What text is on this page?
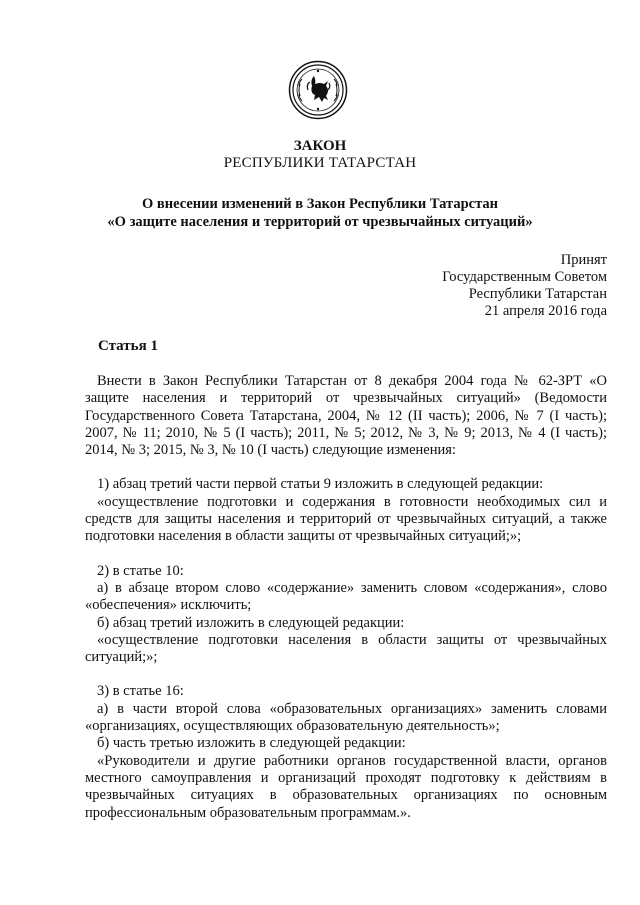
ЗАКОН
РЕСПУБЛИКИ ТАТАРСТАН
О внесении изменений в Закон Республики Татарстан
«О защите населения и территорий от чрезвычайных ситуаций»
Принят
Государственным Советом
Республики Татарстан
21 апреля 2016 года
Статья 1

Внести в Закон Республики Татарстан от 8 декабря 2004 года № 62-ЗРТ «О защите населения и территорий от чрезвычайных ситуаций» (Ведомости Государственного Совета Татарстана, 2004, № 12 (II часть); 2006, № 7 (I часть); 2007, № 11; 2010, № 5 (I часть); 2011, № 5; 2012, № 3, № 9; 2013, № 4 (I часть); 2014, № 3; 2015, № 3, № 10 (I часть) следующие изменения:

1) абзац третий части первой статьи 9 изложить в следующей редакции:

«осуществление подготовки и содержания в готовности необходимых сил и средств для защиты населения и территорий от чрезвычайных ситуаций, а также подготовки населения в области защиты от чрезвычайных ситуаций;»;

2) в статье 10:

а) в абзаце втором слово «содержание» заменить словом «содержания», слово «обеспечения» исключить;

б) абзац третий изложить в следующей редакции:

«осуществление подготовки населения в области защиты от чрезвычайных ситуаций;»;

3) в статье 16:

а) в части второй слова «образовательных организациях» заменить словами «организациях, осуществляющих образовательную деятельность»;

б) часть третью изложить в следующей редакции:

«Руководители и другие работники органов государственной власти, органов местного самоуправления и организаций проходят подготовку к действиям в чрезвычайных ситуациях в образовательных организациях по основным профессиональным образовательным программам.».
